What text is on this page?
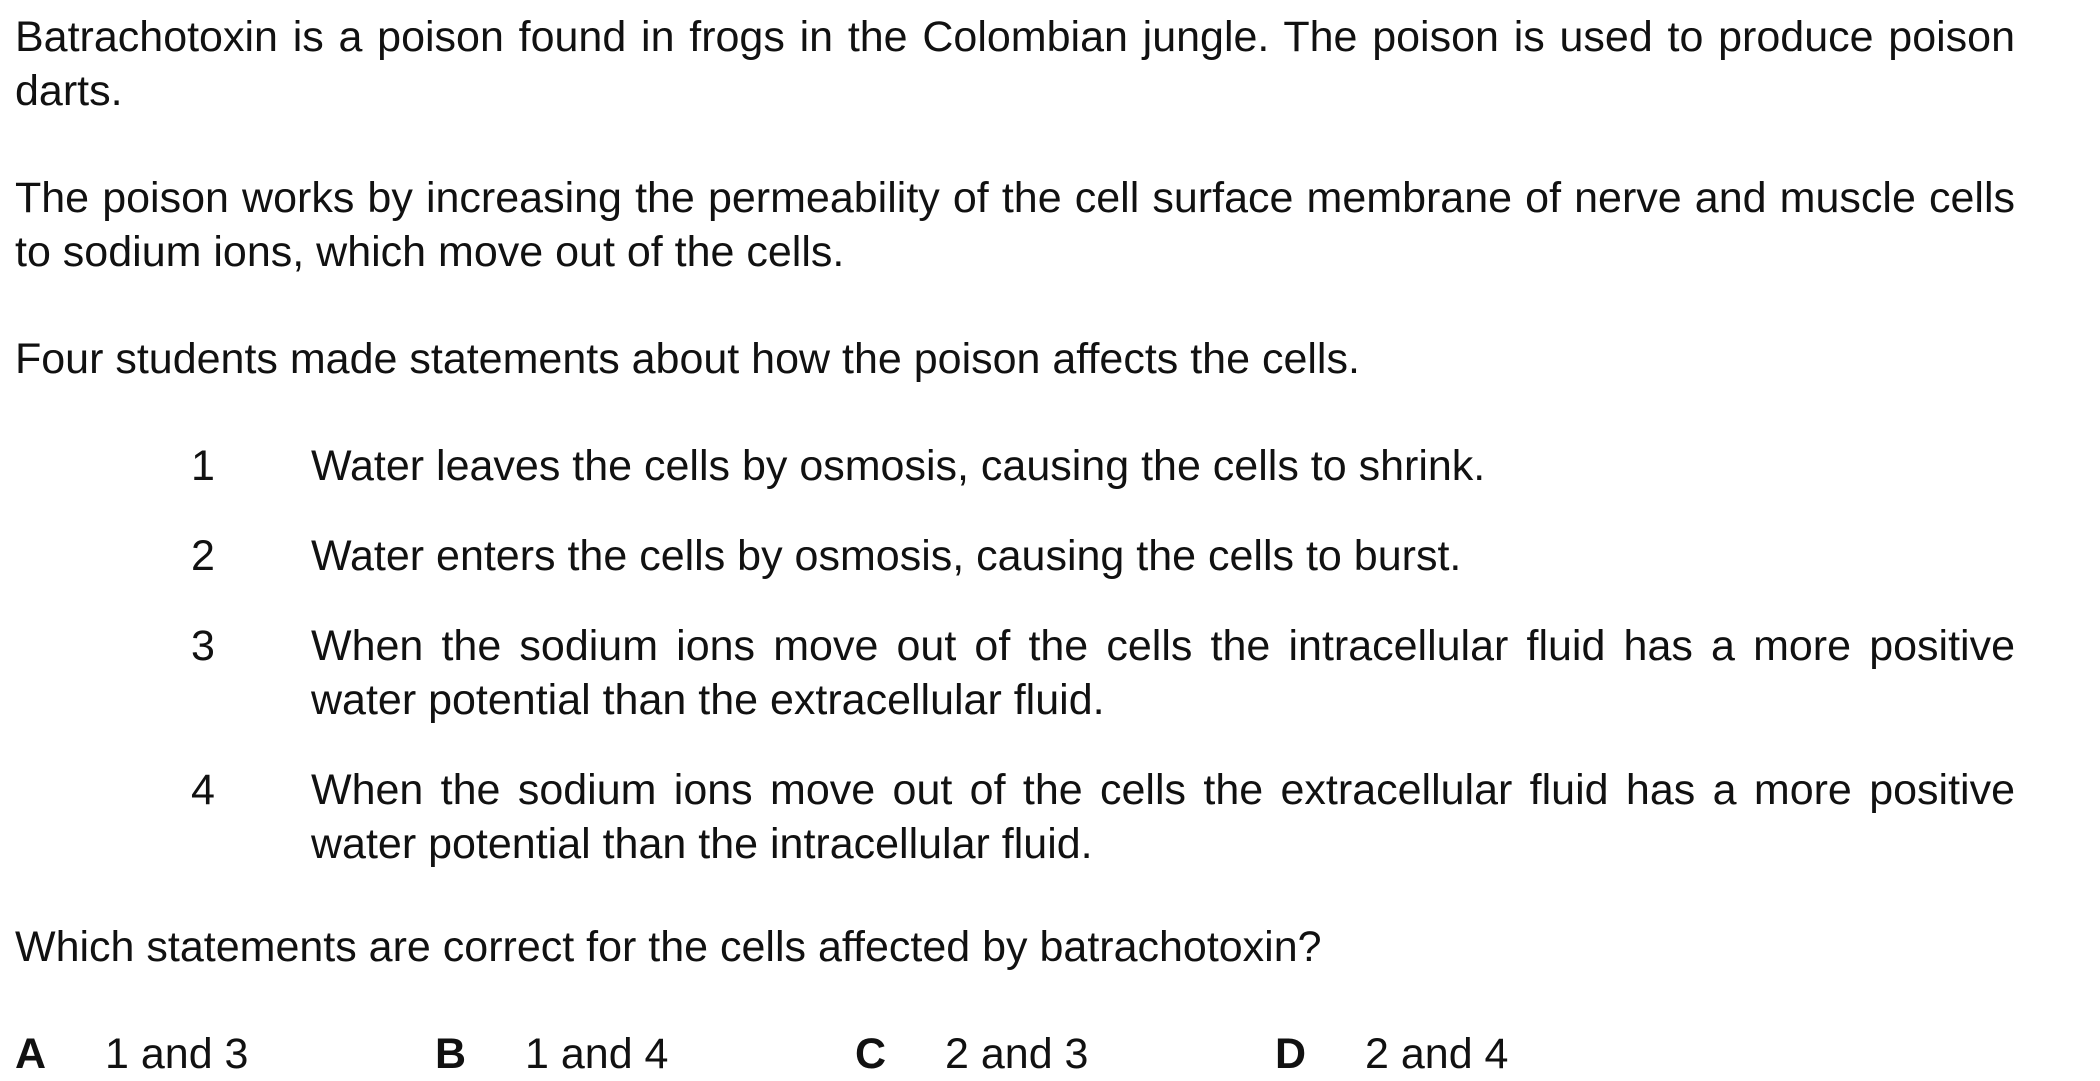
Batrachotoxin is a poison found in frogs in the Colombian jungle. The poison is used to produce poison darts.

The poison works by increasing the permeability of the cell surface membrane of nerve and muscle cells to sodium ions, which move out of the cells.

Four students made statements about how the poison affects the cells.

1	Water leaves the cells by osmosis, causing the cells to shrink.
2	Water enters the cells by osmosis, causing the cells to burst.
3	When the sodium ions move out of the cells the intracellular fluid has a more positive water potential than the extracellular fluid.
4	When the sodium ions move out of the cells the extracellular fluid has a more positive water potential than the intracellular fluid.

Which statements are correct for the cells affected by batrachotoxin?

A	1 and 3	B	1 and 4	C	2 and 3	D	2 and 4
